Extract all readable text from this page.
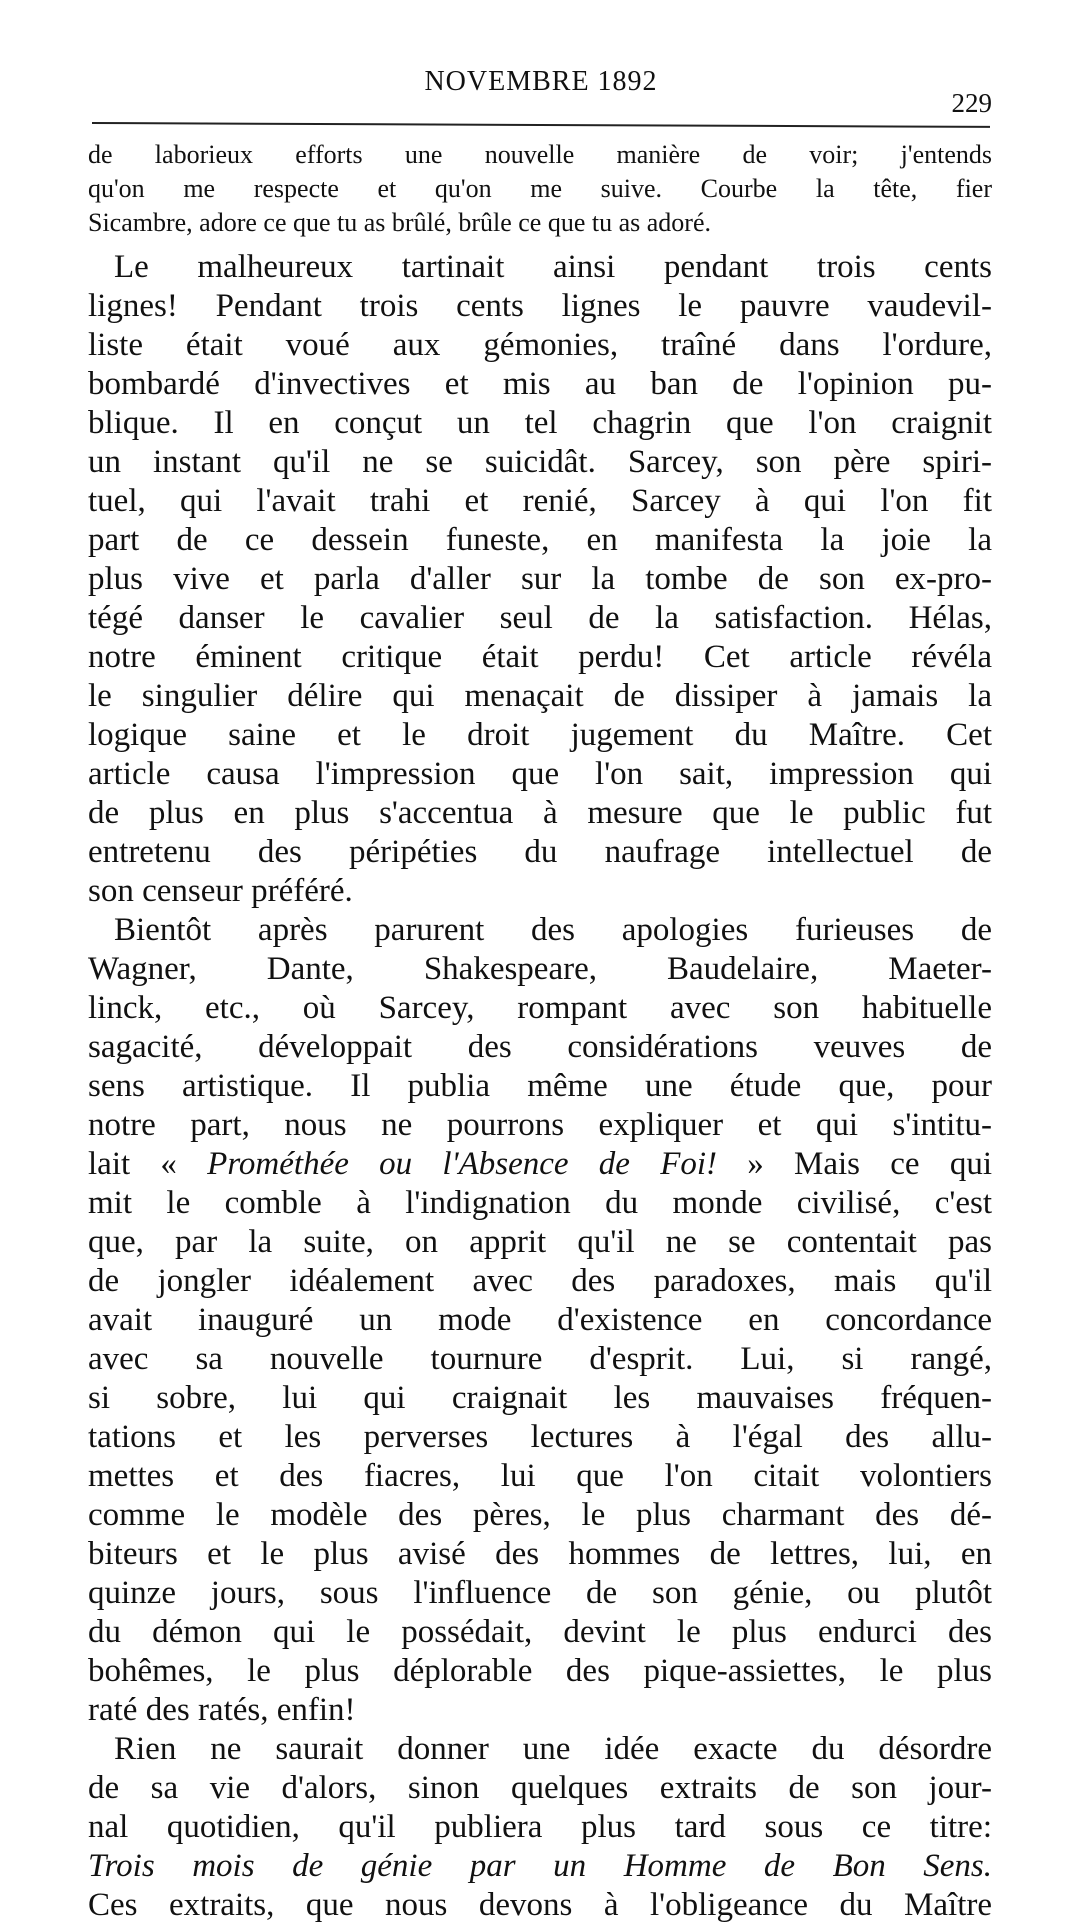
NOVEMBRE 1892
229
de laborieux efforts une nouvelle manière de voir; j'entends
qu'on me respecte et qu'on me suive. Courbe la tête, fier
Sicambre, adore ce que tu as brûlé, brûle ce que tu as adoré.
Le malheureux tartinait ainsi pendant trois cents
lignes! Pendant trois cents lignes le pauvre vaudevil-
liste était voué aux gémonies, traîné dans l'ordure,
bombardé d'invectives et mis au ban de l'opinion pu-
blique. Il en conçut un tel chagrin que l'on craignit
un instant qu'il ne se suicidât. Sarcey, son père spiri-
tuel, qui l'avait trahi et renié, Sarcey à qui l'on fit
part de ce dessein funeste, en manifesta la joie la
plus vive et parla d'aller sur la tombe de son ex-pro-
tégé danser le cavalier seul de la satisfaction. Hélas,
notre éminent critique était perdu! Cet article révéla
le singulier délire qui menaçait de dissiper à jamais la
logique saine et le droit jugement du Maître. Cet
article causa l'impression que l'on sait, impression qui
de plus en plus s'accentua à mesure que le public fut
entretenu des péripéties du naufrage intellectuel de
son censeur préféré.
Bientôt après parurent des apologies furieuses de
Wagner, Dante, Shakespeare, Baudelaire, Maeter-
linck, etc., où Sarcey, rompant avec son habituelle
sagacité, développait des considérations veuves de
sens artistique. Il publia même une étude que, pour
notre part, nous ne pourrons expliquer et qui s'intitu-
lait « Prométhée ou l'Absence de Foi! » Mais ce qui
mit le comble à l'indignation du monde civilisé, c'est
que, par la suite, on apprit qu'il ne se contentait pas
de jongler idéalement avec des paradoxes, mais qu'il
avait inauguré un mode d'existence en concordance
avec sa nouvelle tournure d'esprit. Lui, si rangé,
si sobre, lui qui craignait les mauvaises fréquen-
tations et les perverses lectures à l'égal des allu-
mettes et des fiacres, lui que l'on citait volontiers
comme le modèle des pères, le plus charmant des dé-
biteurs et le plus avisé des hommes de lettres, lui, en
quinze jours, sous l'influence de son génie, ou plutôt
du démon qui le possédait, devint le plus endurci des
bohêmes, le plus déplorable des pique-assiettes, le plus
raté des ratés, enfin!
Rien ne saurait donner une idée exacte du désordre
de sa vie d'alors, sinon quelques extraits de son jour-
nal quotidien, qu'il publiera plus tard sous ce titre:
Trois mois de génie par un Homme de Bon Sens.
Ces extraits, que nous devons à l'obligeance du Maître
